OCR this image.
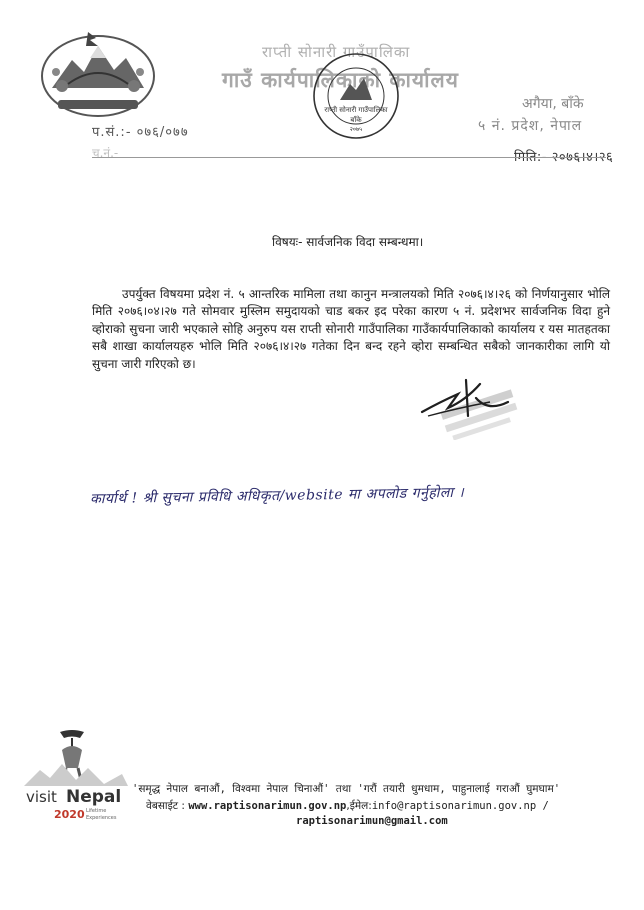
राप्ती सोनारी गाउँपालिका
गाउँ कार्यपालिकाको कार्यालय
राप्ती सोनारी गाउँपालिका
बाँके
२०७५
अगैया, बाँके
५ नं. प्रदेश, नेपाल
प.सं.:- ०७६/०७७
च.नं.-	मिति:- २०७६।४।२६
विषयः- सार्वजनिक विदा सम्बन्धमा।
उपर्युक्त विषयमा प्रदेश नं. ५ आन्तरिक मामिला तथा कानुन मन्त्रालयको मिति २०७६।४।२६ को निर्णयानुसार भोलि मिति २०७६।०४।२७ गते सोमवार मुस्लिम समुदायको चाड बकर इद परेका कारण ५ नं. प्रदेशभर सार्वजनिक विदा हुने व्होराको सुचना जारी भएकाले सोहि अनुरुप यस राप्ती सोनारी गाउँपालिका गाउँकार्यपालिकाको कार्यालय र यस मातहतका सबै शाखा कार्यालयहरु भोलि मिति २०७६।४।२७ गतेका दिन बन्द रहने व्होरा सम्बन्धित सबैको जानकारीका लागि यो सुचना जारी गरिएको छ।
कार्यार्थ ! श्री सुचना प्रविधि अधिकृत/website मा अपलोड गर्नुहोला ।
visit Nepal
2020 Lifetime
Experiences
'समृद्ध नेपाल बनाऔं, विश्वमा नेपाल चिनाऔं' तथा 'गरौं तयारी धुमधाम, पाहुनालाई गराऔं घुमघाम'
वेबसाईट : www.raptisonarimun.gov.np,ईमेल:info@raptisonarimun.gov.np /
raptisonarimun@gmail.com
